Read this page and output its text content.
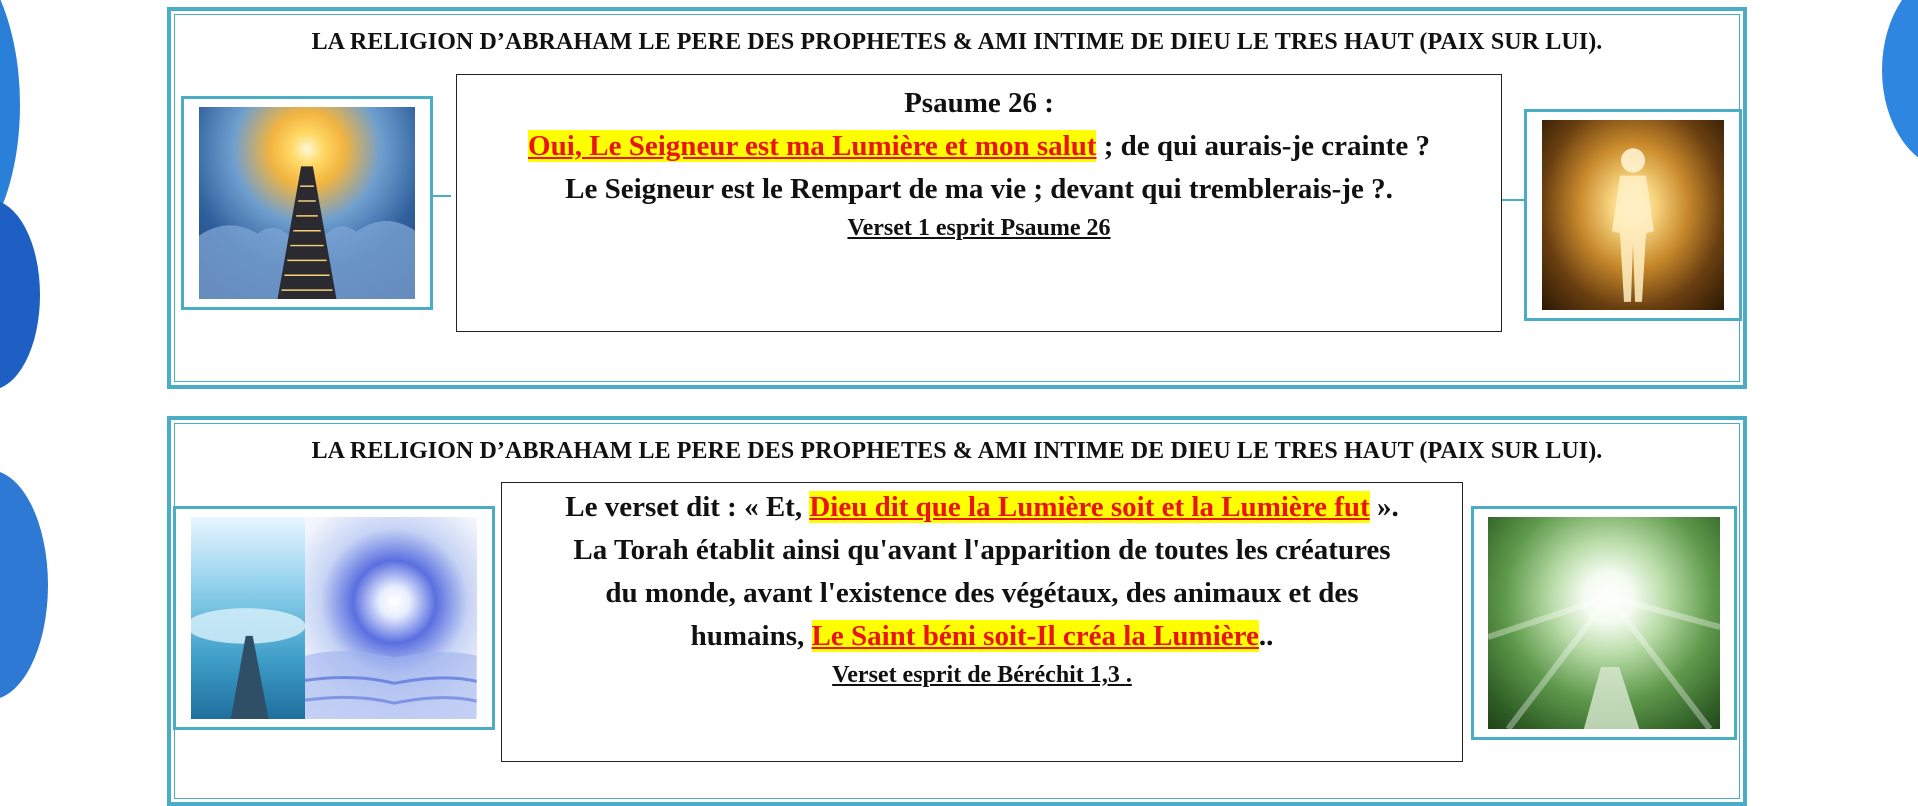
LA RELIGION D’ABRAHAM LE PERE DES PROPHETES & AMI INTIME DE DIEU LE TRES HAUT (PAIX SUR LUI).
Psaume 26 :
Oui, Le Seigneur est ma Lumière et mon salut ; de qui aurais-je crainte ?
Le Seigneur est le Rempart de ma vie ; devant qui tremblerais-je ?.
Verset 1 esprit Psaume 26
LA RELIGION D’ABRAHAM LE PERE DES PROPHETES & AMI INTIME DE DIEU LE TRES HAUT (PAIX SUR LUI).
Le verset dit : « Et, Dieu dit que la Lumière soit et la Lumière fut ».
La Torah établit ainsi qu'avant l'apparition de toutes les créatures
du monde, avant l'existence des végétaux, des animaux et des
humains, Le Saint béni soit-Il créa la Lumière..
Verset esprit de Béréchit 1,3 .
